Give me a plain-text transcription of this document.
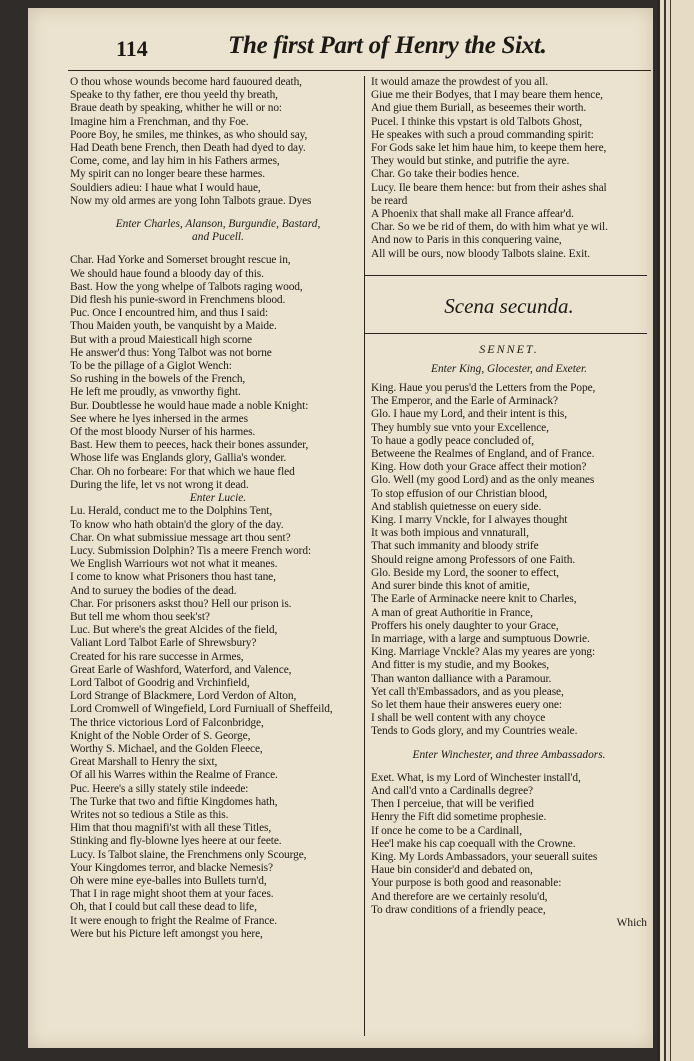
114	The first Part of Henry the Sixt.
O thou whose wounds become hard fauoured death,
Speake to thy father, ere thou yeeld thy breath,
Braue death by speaking, whither he will or no:
Imagine him a Frenchman, and thy Foe.
Poore Boy, he smiles, me thinkes, as who should say,
Had Death bene French, then Death had dyed to day.
Come, come, and lay him in his Fathers armes,
My spirit can no longer beare these harmes.
Souldiers adieu: I haue what I would haue,
Now my old armes are yong Iohn Talbots graue. Dyes
Enter Charles, Alanson, Burgundie, Bastard,
and Pucell.
Char. Had Yorke and Somerset brought rescue in,
We should haue found a bloody day of this.
Bast. How the yong whelpe of Talbots raging wood,
Did flesh his punie-sword in Frenchmens blood.
Puc. Once I encountred him, and thus I said:
Thou Maiden youth, be vanquisht by a Maide.
But with a proud Maiesticall high scorne
He answer'd thus: Yong Talbot was not borne
To be the pillage of a Giglot Wench:
So rushing in the bowels of the French,
He left me proudly, as vnworthy fight.
Bur. Doubtlesse he would haue made a noble Knight:
See where he lyes inhersed in the armes
Of the most bloody Nurser of his harmes.
Bast. Hew them to peeces, hack their bones assunder,
Whose life was Englands glory, Gallia's wonder.
Char. Oh no forbeare: For that which we haue fled
During the life, let vs not wrong it dead.
Enter Lucie.
Lu. Herald, conduct me to the Dolphins Tent,
To know who hath obtain'd the glory of the day.
Char. On what submissiue message art thou sent?
Lucy. Submission Dolphin? Tis a meere French word:
We English Warriours wot not what it meanes.
I come to know what Prisoners thou hast tane,
And to suruey the bodies of the dead.
Char. For prisoners askst thou? Hell our prison is.
But tell me whom thou seek'st?
Luc. But where's the great Alcides of the field,
Valiant Lord Talbot Earle of Shrewsbury?
Created for his rare successe in Armes,
Great Earle of Washford, Waterford, and Valence,
Lord Talbot of Goodrig and Vrchinfield,
Lord Strange of Blackmere, Lord Verdon of Alton,
Lord Cromwell of Wingefield, Lord Furniuall of Sheffeild,
The thrice victorious Lord of Falconbridge,
Knight of the Noble Order of S. George,
Worthy S. Michael, and the Golden Fleece,
Great Marshall to Henry the sixt,
Of all his Warres within the Realme of France.
Puc. Heere's a silly stately stile indeede:
The Turke that two and fiftie Kingdomes hath,
Writes not so tedious a Stile as this.
Him that thou magnifi'st with all these Titles,
Stinking and fly-blowne lyes heere at our feete.
Lucy. Is Talbot slaine, the Frenchmens only Scourge,
Your Kingdomes terror, and blacke Nemesis?
Oh were mine eye-balles into Bullets turn'd,
That I in rage might shoot them at your faces.
Oh, that I could but call these dead to life,
It were enough to fright the Realme of France.
Were but his Picture left amongst you here,
It would amaze the prowdest of you all.
Giue me their Bodyes, that I may beare them hence,
And giue them Buriall, as beseemes their worth.
Pucel. I thinke this vpstart is old Talbots Ghost,
He speakes with such a proud commanding spirit:
For Gods sake let him haue him, to keepe them here,
They would but stinke, and putrifie the ayre.
Char. Go take their bodies hence.
Lucy. Ile beare them hence: but from their ashes shal
be reard
A Phoenix that shall make all France affear'd.
Char. So we be rid of them, do with him what ye wil.
And now to Paris in this conquering vaine,
All will be ours, now bloody Talbots slaine. Exit.
Scena secunda.
SENNET.
Enter King, Glocester, and Exeter.
King. Haue you perus'd the Letters from the Pope,
The Emperor, and the Earle of Arminack?
Glo. I haue my Lord, and their intent is this,
They humbly sue vnto your Excellence,
To haue a godly peace concluded of,
Betweene the Realmes of England, and of France.
King. How doth your Grace affect their motion?
Glo. Well (my good Lord) and as the only meanes
To stop effusion of our Christian blood,
And stablish quietnesse on euery side.
King. I marry Vnckle, for I alwayes thought
It was both impious and vnnaturall,
That such immanity and bloody strife
Should reigne among Professors of one Faith.
Glo. Beside my Lord, the sooner to effect,
And surer binde this knot of amitie,
The Earle of Arminacke neere knit to Charles,
A man of great Authoritie in France,
Proffers his onely daughter to your Grace,
In marriage, with a large and sumptuous Dowrie.
King. Marriage Vnckle? Alas my yeares are yong:
And fitter is my studie, and my Bookes,
Than wanton dalliance with a Paramour.
Yet call th'Embassadors, and as you please,
So let them haue their answeres euery one:
I shall be well content with any choyce
Tends to Gods glory, and my Countries weale.
Enter Winchester, and three Ambassadors.
Exet. What, is my Lord of Winchester install'd,
And call'd vnto a Cardinalls degree?
Then I perceiue, that will be verified
Henry the Fift did sometime prophesie.
If once he come to be a Cardinall,
Hee'l make his cap coequall with the Crowne.
King. My Lords Ambassadors, your seuerall suites
Haue bin consider'd and debated on,
Your purpose is both good and reasonable:
And therefore are we certainly resolu'd,
To draw conditions of a friendly peace,
Which
